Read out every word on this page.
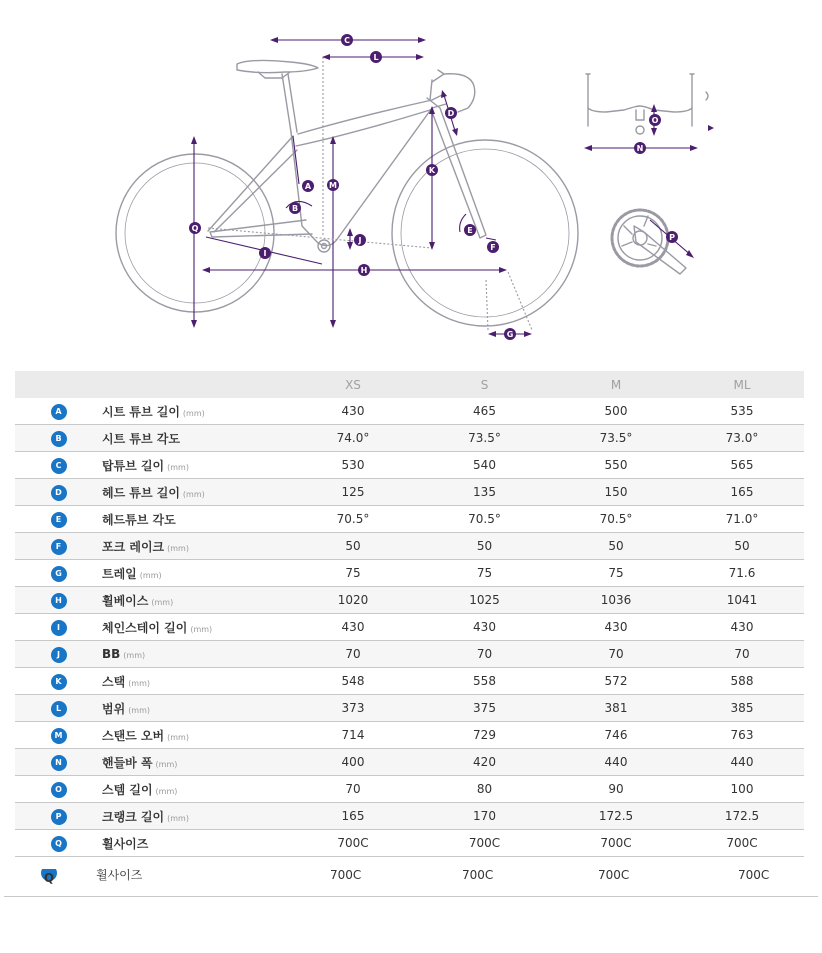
A
B
C
D
E
F
G
H
I
J
K
L
M
N
O
P
Q
		XS	S	M	ML
A	시트 튜브 길이 (mm)	430	465	500	535
B	시트 튜브 각도	74.0°	73.5°	73.5°	73.0°
C	탑튜브 길이 (mm)	530	540	550	565
D	헤드 튜브 길이 (mm)	125	135	150	165
E	헤드튜브 각도	70.5°	70.5°	70.5°	71.0°
F	포크 레이크 (mm)	50	50	50	50
G	트레일 (mm)	75	75	75	71.6
H	휠베이스 (mm)	1020	1025	1036	1041
I	체인스테이 길이 (mm)	430	430	430	430
J	BB (mm)	70	70	70	70
K	스택 (mm)	548	558	572	588
L	범위 (mm)	373	375	381	385
M	스탠드 오버 (mm)	714	729	746	763
N	핸들바 폭 (mm)	400	420	440	440
O	스템 길이 (mm)	70	80	90	100
P	크랭크 길이 (mm)	165	170	172.5	172.5
Q	휠사이즈	700C	700C	700C	700C
Q	휠사이즈	700C	700C	700C	700C
